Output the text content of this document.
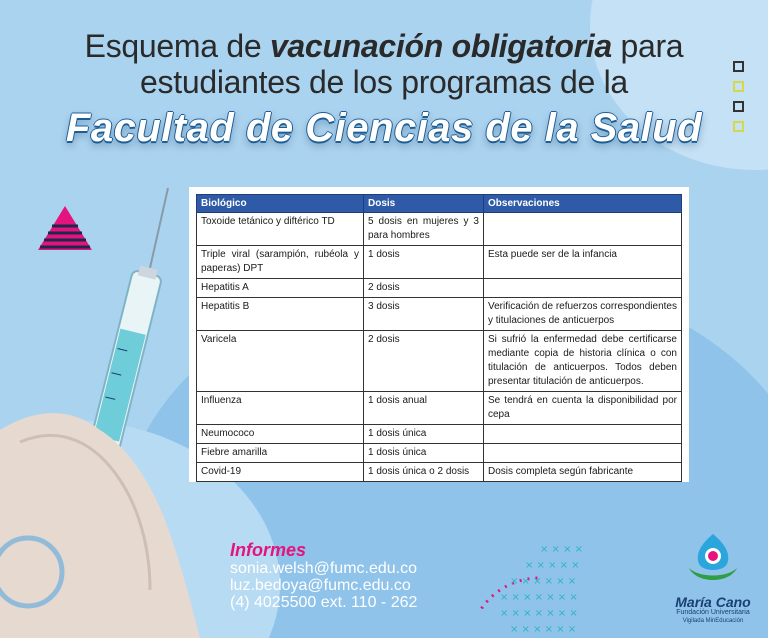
Esquema de vacunación obligatoria para
estudiantes de los programas de la
Facultad de Ciencias de la Salud
Biológico	Dosis	Observaciones
Toxoide tetánico y diftérico TD	5 dosis en mujeres y 3 para hombres	
Triple viral (sarampión, rubéola y paperas) DPT	1 dosis	Esta puede ser de la infancia
Hepatitis A	2 dosis	
Hepatitis B	3 dosis	Verificación de refuerzos correspondientes y titulaciones de anticuerpos
Varicela	2 dosis	Si sufrió la enfermedad debe certificarse mediante copia de historia clínica o con titulación de anticuerpos. Todos deben presentar titulación de anticuerpos.
Influenza	1 dosis anual	Se tendrá en cuenta la disponibilidad por cepa
Neumococo	1 dosis única	
Fiebre amarilla	1 dosis única	
Covid-19	1 dosis única o 2 dosis	Dosis completa según fabricante
Informes
sonia.welsh@fumc.edu.co
luz.bedoya@fumc.edu.co
(4) 4025500 ext. 110 - 262
× × × ×
× × × × ×
× × × × × ×
× × × × × × ×
× × × × × × ×
× × × × × ×
María Cano
Fundación Universitaria
Vigilada MinEducación
